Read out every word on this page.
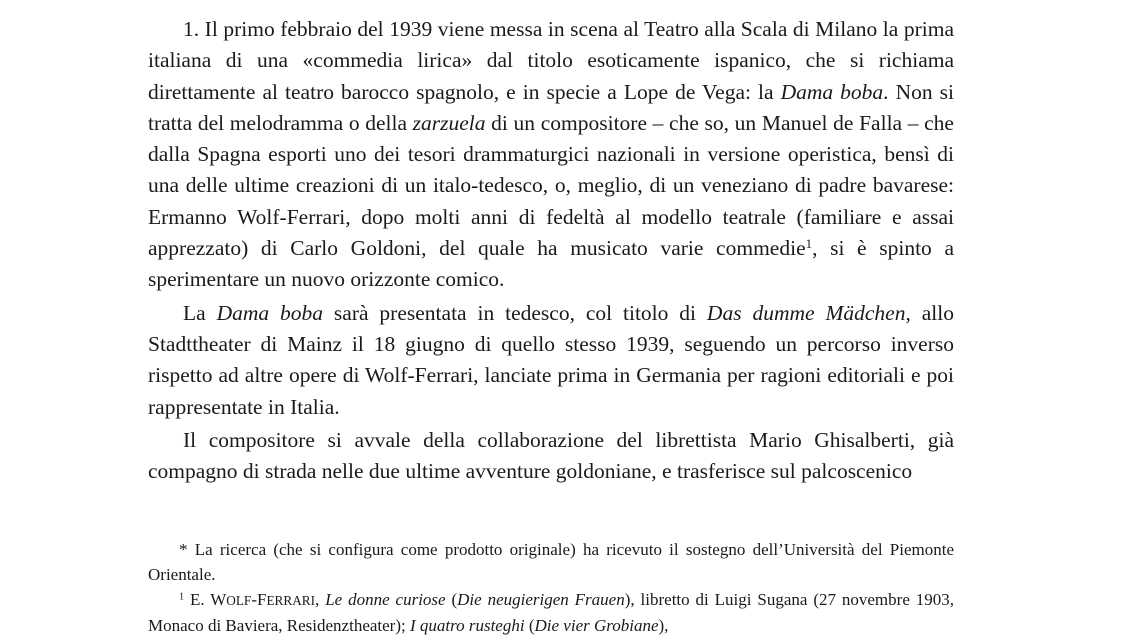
1. Il primo febbraio del 1939 viene messa in scena al Teatro alla Scala di Milano la prima italiana di una «commedia lirica» dal titolo esoticamente ispanico, che si richiama direttamente al teatro barocco spagnolo, e in specie a Lope de Vega: la Dama boba. Non si tratta del melodramma o della zarzuela di un compositore – che so, un Manuel de Falla – che dalla Spagna esporti uno dei tesori drammaturgici nazionali in versione operistica, bensì di una delle ultime creazioni di un italo-tedesco, o, meglio, di un veneziano di padre bavarese: Ermanno Wolf-Ferrari, dopo molti anni di fedeltà al modello teatrale (familiare e assai apprezzato) di Carlo Goldoni, del quale ha musicato varie commedie$^1$, si è spinto a sperimentare un nuovo orizzonte comico.

La Dama boba sarà presentata in tedesco, col titolo di Das dumme Mädchen, allo Stadttheater di Mainz il 18 giugno di quello stesso 1939, seguendo un percorso inverso rispetto ad altre opere di Wolf-Ferrari, lanciate prima in Germania per ragioni editoriali e poi rappresentate in Italia.

Il compositore si avvale della collaborazione del librettista Mario Ghisalberti, già compagno di strada nelle due ultime avventure goldoniane, e trasferisce sul palcoscenico

* La ricerca (che si configura come prodotto originale) ha ricevuto il sostegno dell’Università del Piemonte Orientale.

$^1$ E. WOLF-FERRARI, Le donne curiose (Die neugierigen Frauen), libretto di Luigi Sugana (27 novembre 1903, Monaco di Baviera, Residenztheater); I quatro rusteghi (Die vier Grobiane),
